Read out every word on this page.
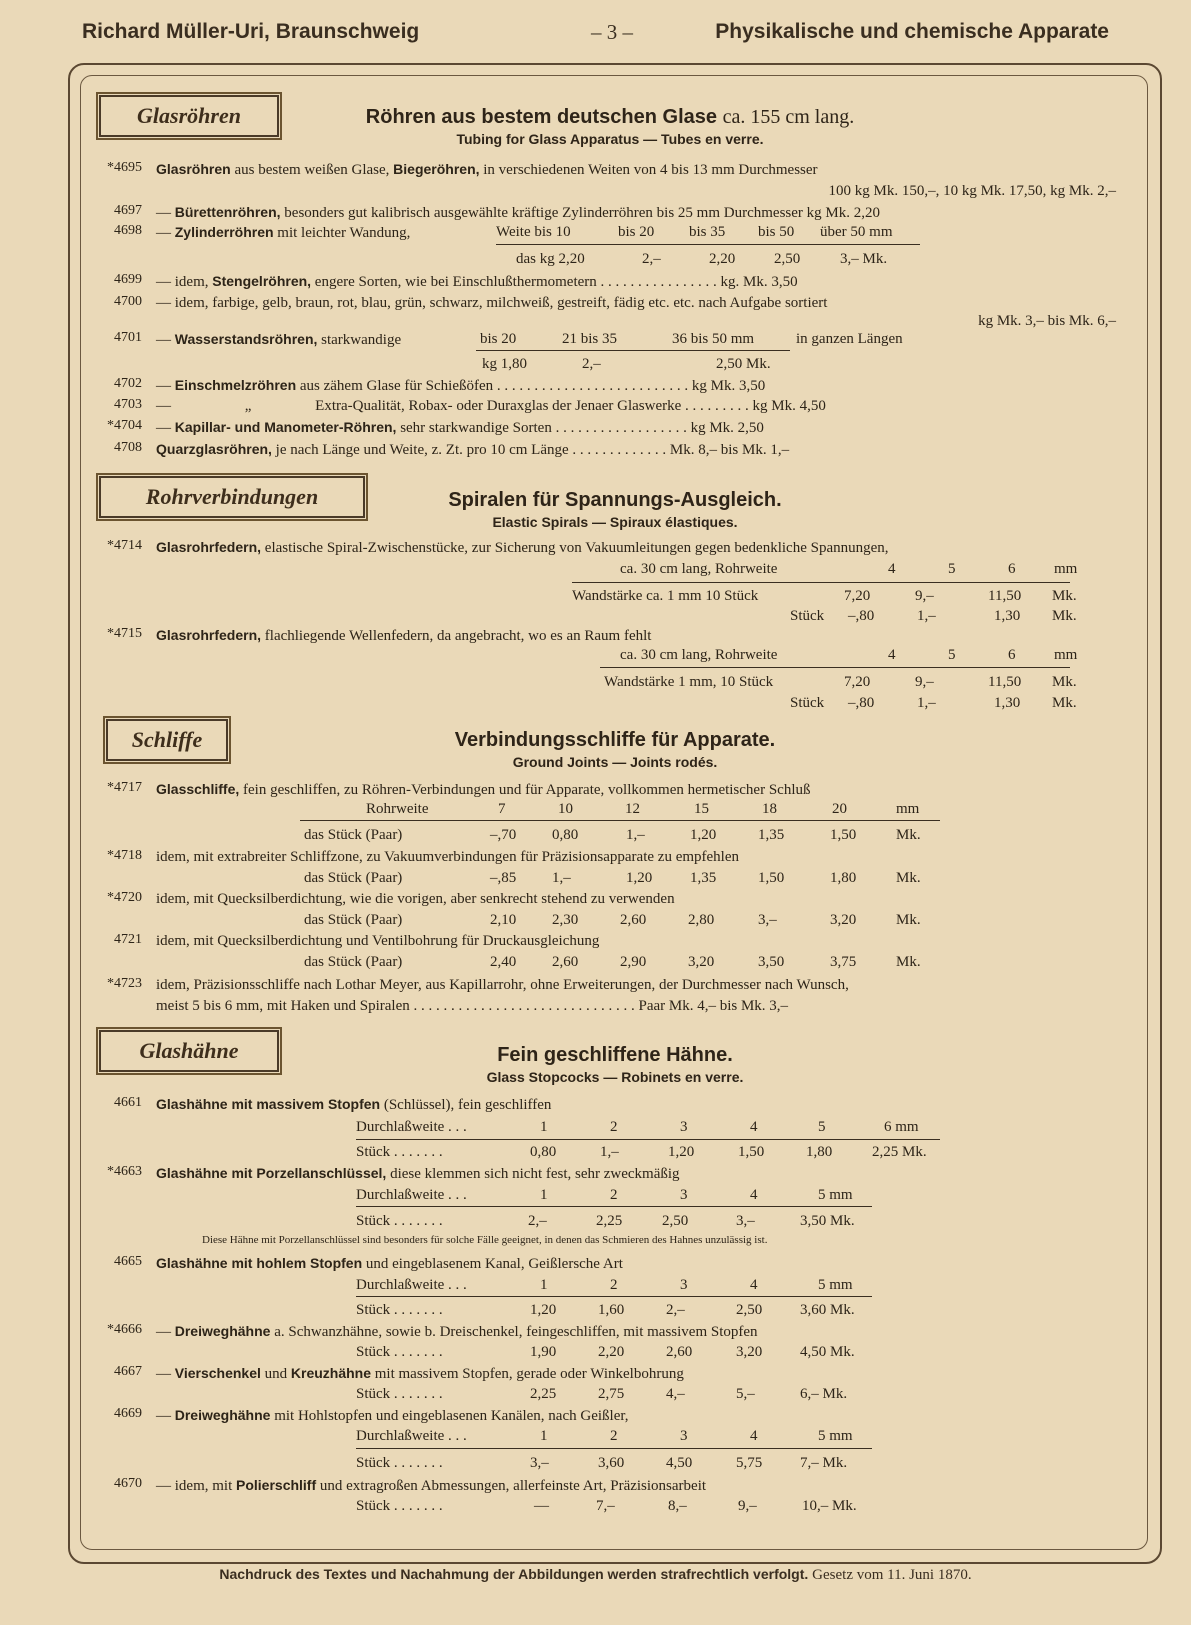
Richard Müller-Uri, Braunschweig	– 3 –	Physikalische und chemische Apparate
Glasröhren	Röhren aus bestem deutschen Glase ca. 155 cm lang.
Tubing for Glass Apparatus — Tubes en verre.
*4695 Glasröhren aus bestem weißen Glase, Biegeröhren, in verschiedenen Weiten von 4 bis 13 mm Durchmesser
100 kg Mk. 150,–, 10 kg Mk. 17,50, kg Mk. 2,–
4697 — Bürettenröhren, besonders gut kalibrisch ausgewählte kräftige Zylinderröhren bis 25 mm Durchmesser kg Mk. 2,20
4698 — Zylinderröhren mit leichter Wandung,	Weite bis 10	bis 20 bis 35 bis 50 über 50 mm
das kg 2,20	2,–	2,20	2,50	3,– Mk.
4699 — idem, Stengelröhren, engere Sorten, wie bei Einschlußthermometern . . . . . . . . . . . . . . . . kg. Mk. 3,50
4700 — idem, farbige, gelb, braun, rot, blau, grün, schwarz, milchweiß, gestreift, fädig etc. etc. nach Aufgabe sortiert
kg Mk. 3,– bis Mk. 6,–
4701 — Wasserstandsröhren, starkwandige	bis 20	21 bis 35	36 bis 50 mm	in ganzen Längen
kg 1,80	2,–	2,50 Mk.
4702 — Einschmelzröhren aus zähem Glase für Schießöfen . . . . . . . . . . . . . . . . . . . . . . . . . . kg Mk. 3,50
4703 —	„	Extra-Qualität, Robax- oder Duraxglas der Jenaer Glaswerke . . . . . . . . . kg Mk. 4,50
*4704 — Kapillar- und Manometer-Röhren, sehr starkwandige Sorten . . . . . . . . . . . . . . . . . . kg Mk. 2,50
4708 Quarzglasröhren, je nach Länge und Weite, z. Zt. pro 10 cm Länge . . . . . . . . . . . . . Mk. 8,– bis Mk. 1,–
Rohrverbindungen	Spiralen für Spannungs-Ausgleich.
Elastic Spirals — Spiraux élastiques.
*4714 Glasrohrfedern, elastische Spiral-Zwischenstücke, zur Sicherung von Vakuumleitungen gegen bedenkliche Spannungen,
ca. 30 cm lang, Rohrweite	4	5	6	mm
Wandstärke ca. 1 mm 10 Stück	7,20	9,–	11,50 Mk.
Stück –,80	1,–	1,30 Mk.
*4715 Glasrohrfedern, flachliegende Wellenfedern, da angebracht, wo es an Raum fehlt
ca. 30 cm lang, Rohrweite	4	5	6	mm
Wandstärke 1 mm, 10 Stück	7,20	9,–	11,50 Mk.
Stück –,80	1,–	1,30 Mk.
Schliffe	Verbindungsschliffe für Apparate.
Ground Joints — Joints rodés.
*4717 Glasschliffe, fein geschliffen, zu Röhren-Verbindungen und für Apparate, vollkommen hermetischer Schluß
Rohrweite	7	10	12	15	18	20	mm
das Stück (Paar)	–,70 0,80	1,–	1,20	1,35	1,50	Mk.
*4718 idem, mit extrabreiter Schliffzone, zu Vakuumverbindungen für Präzisionsapparate zu empfehlen
das Stück (Paar)	–,85 1,–	1,20	1,35	1,50	1,80	Mk.
*4720 idem, mit Quecksilberdichtung, wie die vorigen, aber senkrecht stehend zu verwenden
das Stück (Paar)	2,10 2,30	2,60	2,80	3,–	3,20	Mk.
4721 idem, mit Quecksilberdichtung und Ventilbohrung für Druckausgleichung
das Stück (Paar)	2,40 2,60	2,90	3,20	3,50	3,75	Mk.
*4723 idem, Präzisionsschliffe nach Lothar Meyer, aus Kapillarrohr, ohne Erweiterungen, der Durchmesser nach Wunsch,
meist 5 bis 6 mm, mit Haken und Spiralen . . . . . . . . . . . . . . . . . . . . . . . . . . . . . . Paar Mk. 4,– bis Mk. 3,–
Glashähne	Fein geschliffene Hähne.
Glass Stopcocks — Robinets en verre.
4661 Glashähne mit massivem Stopfen (Schlüssel), fein geschliffen
Durchlaßweite . . .	1	2	3	4	5	6 mm
Stück . . . . . . .	0,80	1,–	1,20	1,50	1,80	2,25 Mk.
*4663 Glashähne mit Porzellanschlüssel, diese klemmen sich nicht fest, sehr zweckmäßig
Durchlaßweite . . .	1	2	3	4	5 mm
Stück . . . . . . .	2,–	2,25	2,50	3,–	3,50 Mk.
Diese Hähne mit Porzellanschlüssel sind besonders für solche Fälle geeignet, in denen das Schmieren des Hahnes unzulässig ist.
4665 Glashähne mit hohlem Stopfen und eingeblasenem Kanal, Geißlersche Art
Durchlaßweite . . .	1	2	3	4	5 mm
Stück . . . . . . .	1,20	1,60	2,–	2,50	3,60 Mk.
*4666 — Dreiweghähne a. Schwanzhähne, sowie b. Dreischenkel, feingeschliffen, mit massivem Stopfen
Stück . . . . . . .	1,90	2,20	2,60	3,20	4,50 Mk.
4667 — Vierschenkel und Kreuzhähne mit massivem Stopfen, gerade oder Winkelbohrung
Stück . . . . . . .	2,25	2,75	4,–	5,–	6,– Mk.
4669 — Dreiweghähne mit Hohlstopfen und eingeblasenen Kanälen, nach Geißler,
Durchlaßweite . . .	1	2	3	4	5 mm
Stück . . . . . . .	3,–	3,60	4,50	5,75	7,– Mk.
4670 — idem, mit Polierschliff und extragroßen Abmessungen, allerfeinste Art, Präzisionsarbeit
Stück . . . . . . .	—	7,–	8,–	9,–	10,– Mk.
Nachdruck des Textes und Nachahmung der Abbildungen werden strafrechtlich verfolgt. Gesetz vom 11. Juni 1870.
